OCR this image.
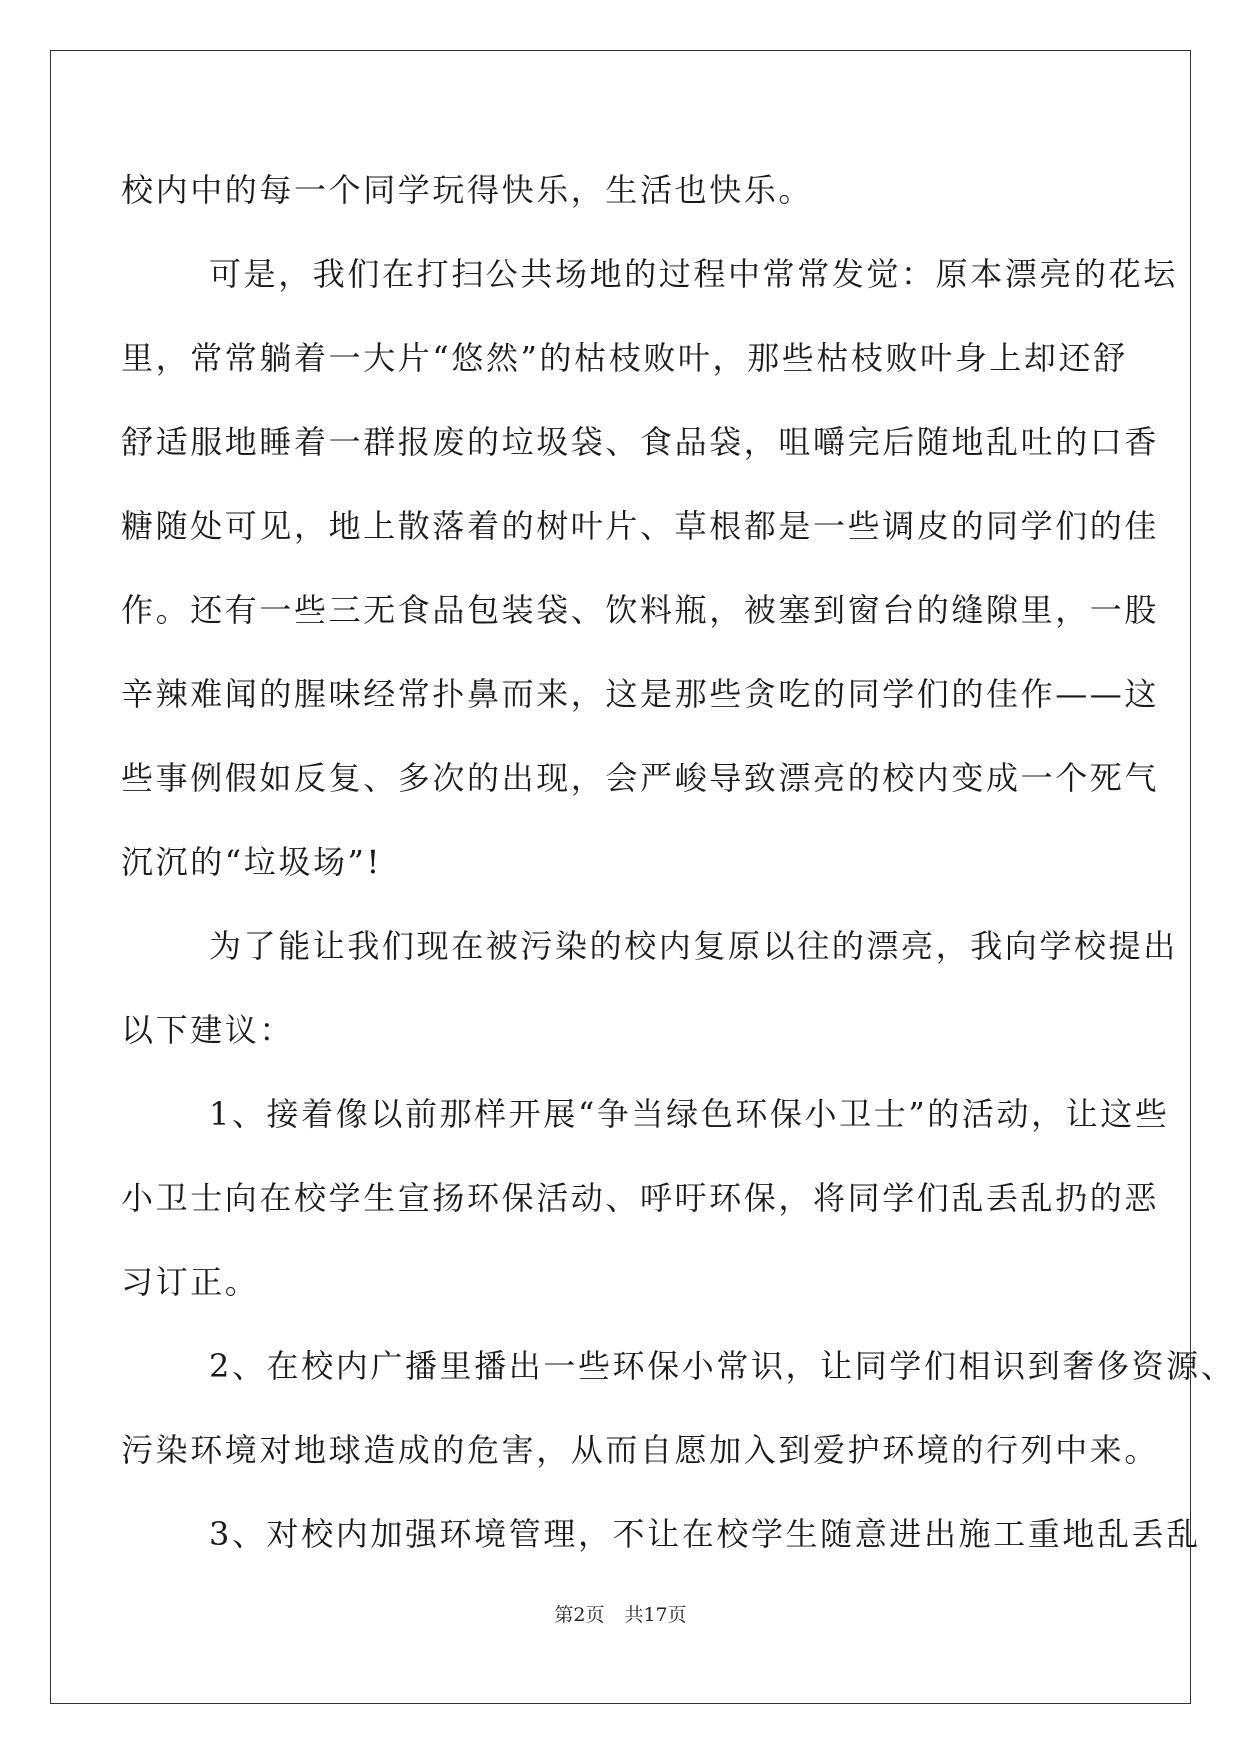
校内中的每一个同学玩得快乐，生活也快乐。
可是，我们在打扫公共场地的过程中常常发觉：原本漂亮的花坛
里，常常躺着一大片“悠然”的枯枝败叶，那些枯枝败叶身上却还舒
舒适服地睡着一群报废的垃圾袋、食品袋，咀嚼完后随地乱吐的口香
糖随处可见，地上散落着的树叶片、草根都是一些调皮的同学们的佳
作。还有一些三无食品包装袋、饮料瓶，被塞到窗台的缝隙里，一股
辛辣难闻的腥味经常扑鼻而来，这是那些贪吃的同学们的佳作——这
些事例假如反复、多次的出现，会严峻导致漂亮的校内变成一个死气
沉沉的“垃圾场”!
为了能让我们现在被污染的校内复原以往的漂亮，我向学校提出
以下建议：
1、接着像以前那样开展“争当绿色环保小卫士”的活动，让这些
小卫士向在校学生宣扬环保活动、呼吁环保，将同学们乱丢乱扔的恶
习订正。
2、在校内广播里播出一些环保小常识，让同学们相识到奢侈资源、
污染环境对地球造成的危害，从而自愿加入到爱护环境的行列中来。
3、对校内加强环境管理，不让在校学生随意进出施工重地乱丢乱
第2页 共17页
